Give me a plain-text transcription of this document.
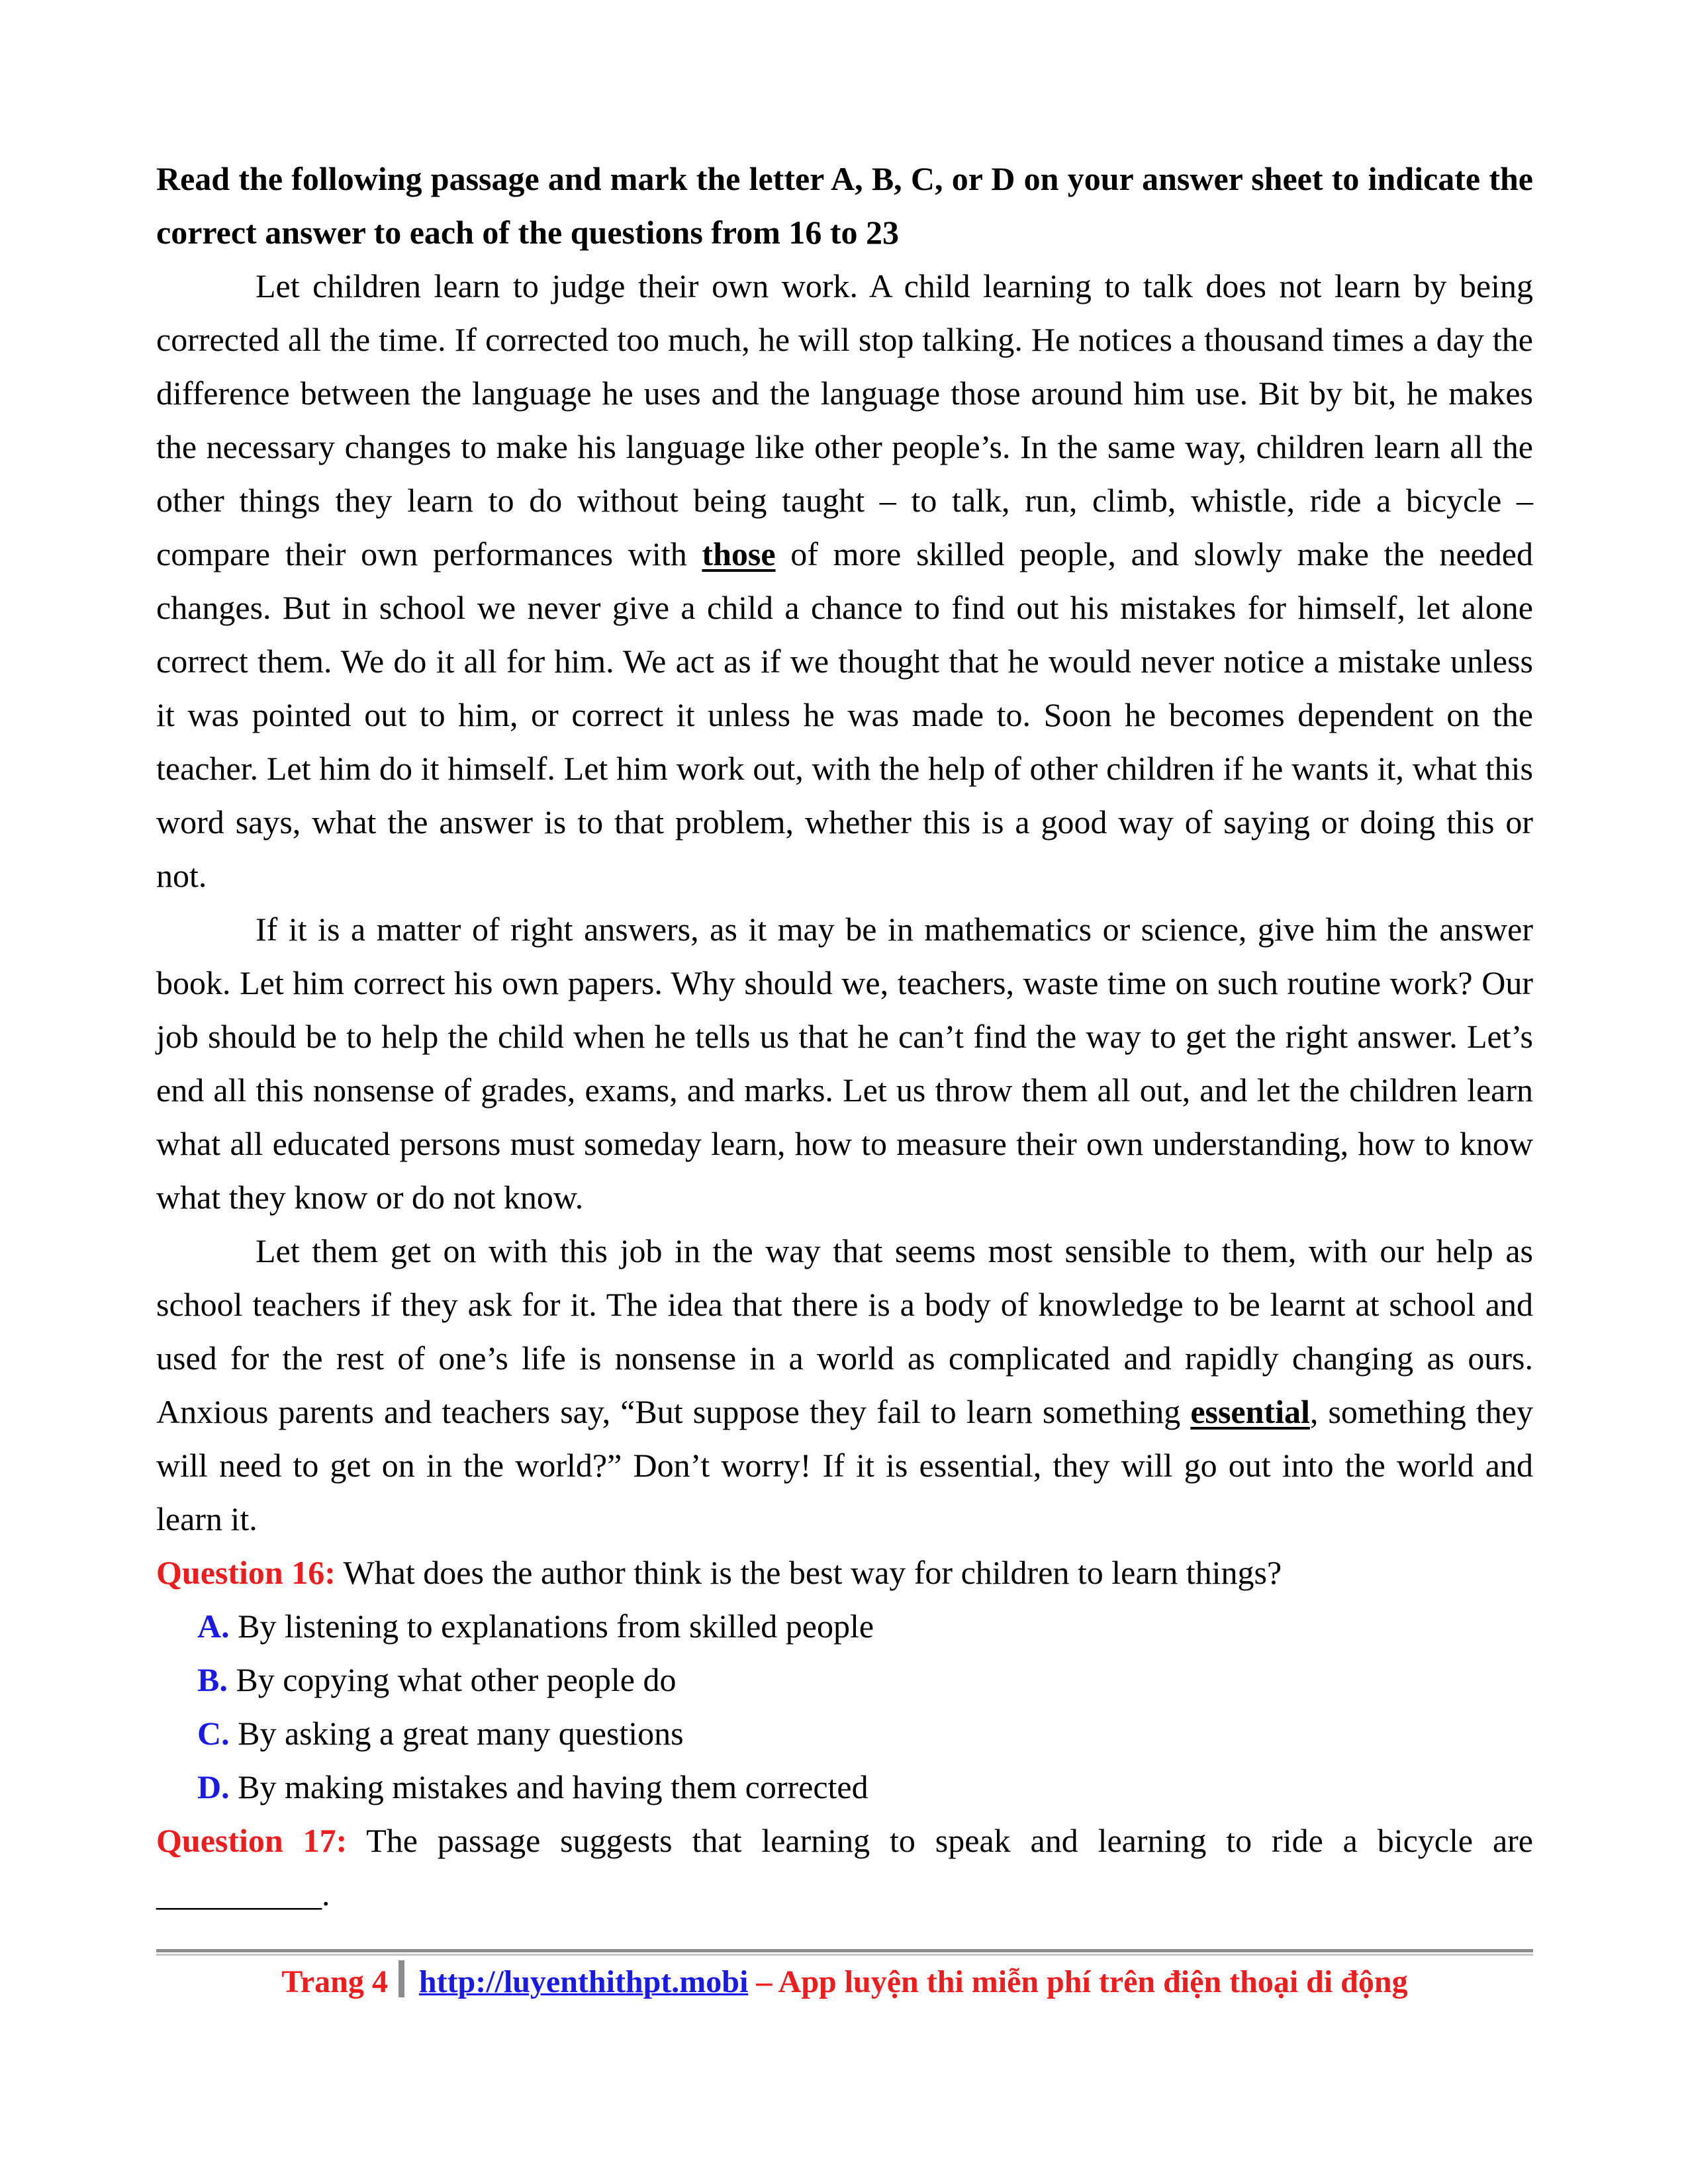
Read the following passage and mark the letter A, B, C, or D on your answer sheet to indicate the correct answer to each of the questions from 16 to 23

Let children learn to judge their own work. A child learning to talk does not learn by being corrected all the time. If corrected too much, he will stop talking. He notices a thousand times a day the difference between the language he uses and the language those around him use. Bit by bit, he makes the necessary changes to make his language like other people’s. In the same way, children learn all the other things they learn to do without being taught – to talk, run, climb, whistle, ride a bicycle – compare their own performances with those of more skilled people, and slowly make the needed changes. But in school we never give a child a chance to find out his mistakes for himself, let alone correct them. We do it all for him. We act as if we thought that he would never notice a mistake unless it was pointed out to him, or correct it unless he was made to. Soon he becomes dependent on the teacher. Let him do it himself. Let him work out, with the help of other children if he wants it, what this word says, what the answer is to that problem, whether this is a good way of saying or doing this or not.

If it is a matter of right answers, as it may be in mathematics or science, give him the answer book. Let him correct his own papers. Why should we, teachers, waste time on such routine work? Our job should be to help the child when he tells us that he can’t find the way to get the right answer. Let’s end all this nonsense of grades, exams, and marks. Let us throw them all out, and let the children learn what all educated persons must someday learn, how to measure their own understanding, how to know what they know or do not know.

Let them get on with this job in the way that seems most sensible to them, with our help as school teachers if they ask for it. The idea that there is a body of knowledge to be learnt at school and used for the rest of one’s life is nonsense in a world as complicated and rapidly changing as ours. Anxious parents and teachers say, “But suppose they fail to learn something essential, something they will need to get on in the world?” Don’t worry! If it is essential, they will go out into the world and learn it.

Question 16: What does the author think is the best way for children to learn things?

A. By listening to explanations from skilled people

B. By copying what other people do

C. By asking a great many questions

D. By making mistakes and having them corrected

Question 17: The passage suggests that learning to speak and learning to ride a bicycle are __________.

Trang 4 http://luyenthithpt.mobi – App luyện thi miễn phí trên điện thoại di động
